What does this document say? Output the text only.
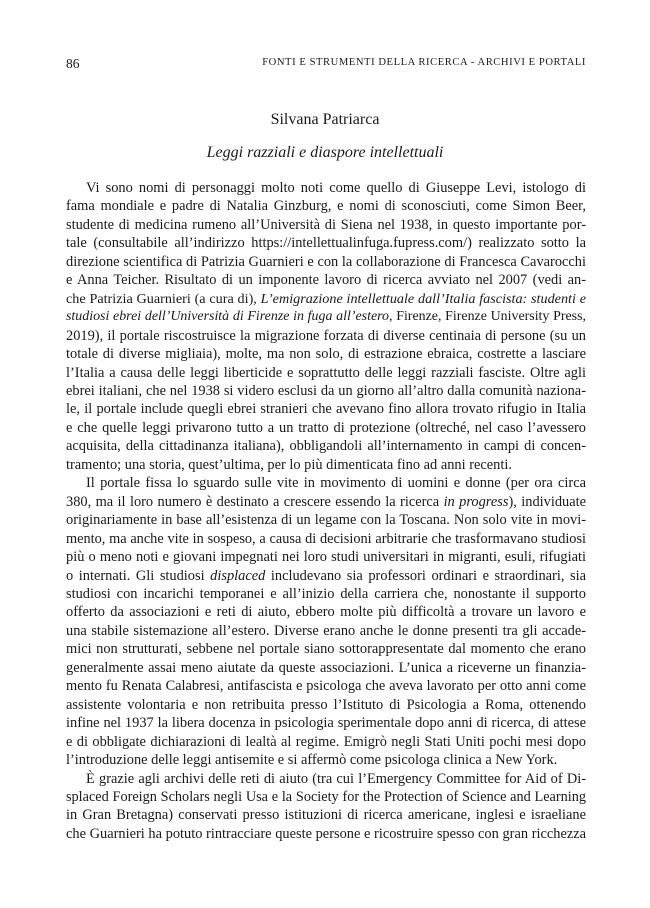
86	FONTI E STRUMENTI DELLA RICERCA - ARCHIVI E PORTALI
Silvana Patriarca
Leggi razziali e diaspore intellettuali
Vi sono nomi di personaggi molto noti come quello di Giuseppe Levi, istologo di
fama mondiale e padre di Natalia Ginzburg, e nomi di sconosciuti, come Simon Beer,
studente di medicina rumeno all’Università di Siena nel 1938, in questo importante por-
tale (consultabile all’indirizzo https://intellettualinfuga.fupress.com/) realizzato sotto la
direzione scientifica di Patrizia Guarnieri e con la collaborazione di Francesca Cavarocchi
e Anna Teicher. Risultato di un imponente lavoro di ricerca avviato nel 2007 (vedi an-
che Patrizia Guarnieri (a cura di), L’emigrazione intellettuale dall’Italia fascista: studenti e
studiosi ebrei dell’Università di Firenze in fuga all’estero, Firenze, Firenze University Press,
2019), il portale riscostruisce la migrazione forzata di diverse centinaia di persone (su un
totale di diverse migliaia), molte, ma non solo, di estrazione ebraica, costrette a lasciare
l’Italia a causa delle leggi liberticide e soprattutto delle leggi razziali fasciste. Oltre agli
ebrei italiani, che nel 1938 si videro esclusi da un giorno all’altro dalla comunità naziona-
le, il portale include quegli ebrei stranieri che avevano fino allora trovato rifugio in Italia
e che quelle leggi privarono tutto a un tratto di protezione (oltreché, nel caso l’avessero
acquisita, della cittadinanza italiana), obbligandoli all’internamento in campi di concen-
tramento; una storia, quest’ultima, per lo più dimenticata fino ad anni recenti.
Il portale fissa lo sguardo sulle vite in movimento di uomini e donne (per ora circa
380, ma il loro numero è destinato a crescere essendo la ricerca in progress), individuate
originariamente in base all’esistenza di un legame con la Toscana. Non solo vite in movi-
mento, ma anche vite in sospeso, a causa di decisioni arbitrarie che trasformavano studiosi
più o meno noti e giovani impegnati nei loro studi universitari in migranti, esuli, rifugiati
o internati. Gli studiosi displaced includevano sia professori ordinari e straordinari, sia
studiosi con incarichi temporanei e all’inizio della carriera che, nonostante il supporto
offerto da associazioni e reti di aiuto, ebbero molte più difficoltà a trovare un lavoro e
una stabile sistemazione all’estero. Diverse erano anche le donne presenti tra gli accade-
mici non strutturati, sebbene nel portale siano sottorappresentate dal momento che erano
generalmente assai meno aiutate da queste associazioni. L’unica a riceverne un finanzia-
mento fu Renata Calabresi, antifascista e psicologa che aveva lavorato per otto anni come
assistente volontaria e non retribuita presso l’Istituto di Psicologia a Roma, ottenendo
infine nel 1937 la libera docenza in psicologia sperimentale dopo anni di ricerca, di attese
e di obbligate dichiarazioni di lealtà al regime. Emigrò negli Stati Uniti pochi mesi dopo
l’introduzione delle leggi antisemite e si affermò come psicologa clinica a New York.
È grazie agli archivi delle reti di aiuto (tra cui l’Emergency Committee for Aid of Di-
splaced Foreign Scholars negli Usa e la Society for the Protection of Science and Learning
in Gran Bretagna) conservati presso istituzioni di ricerca americane, inglesi e israeliane
che Guarnieri ha potuto rintracciare queste persone e ricostruire spesso con gran ricchezza
